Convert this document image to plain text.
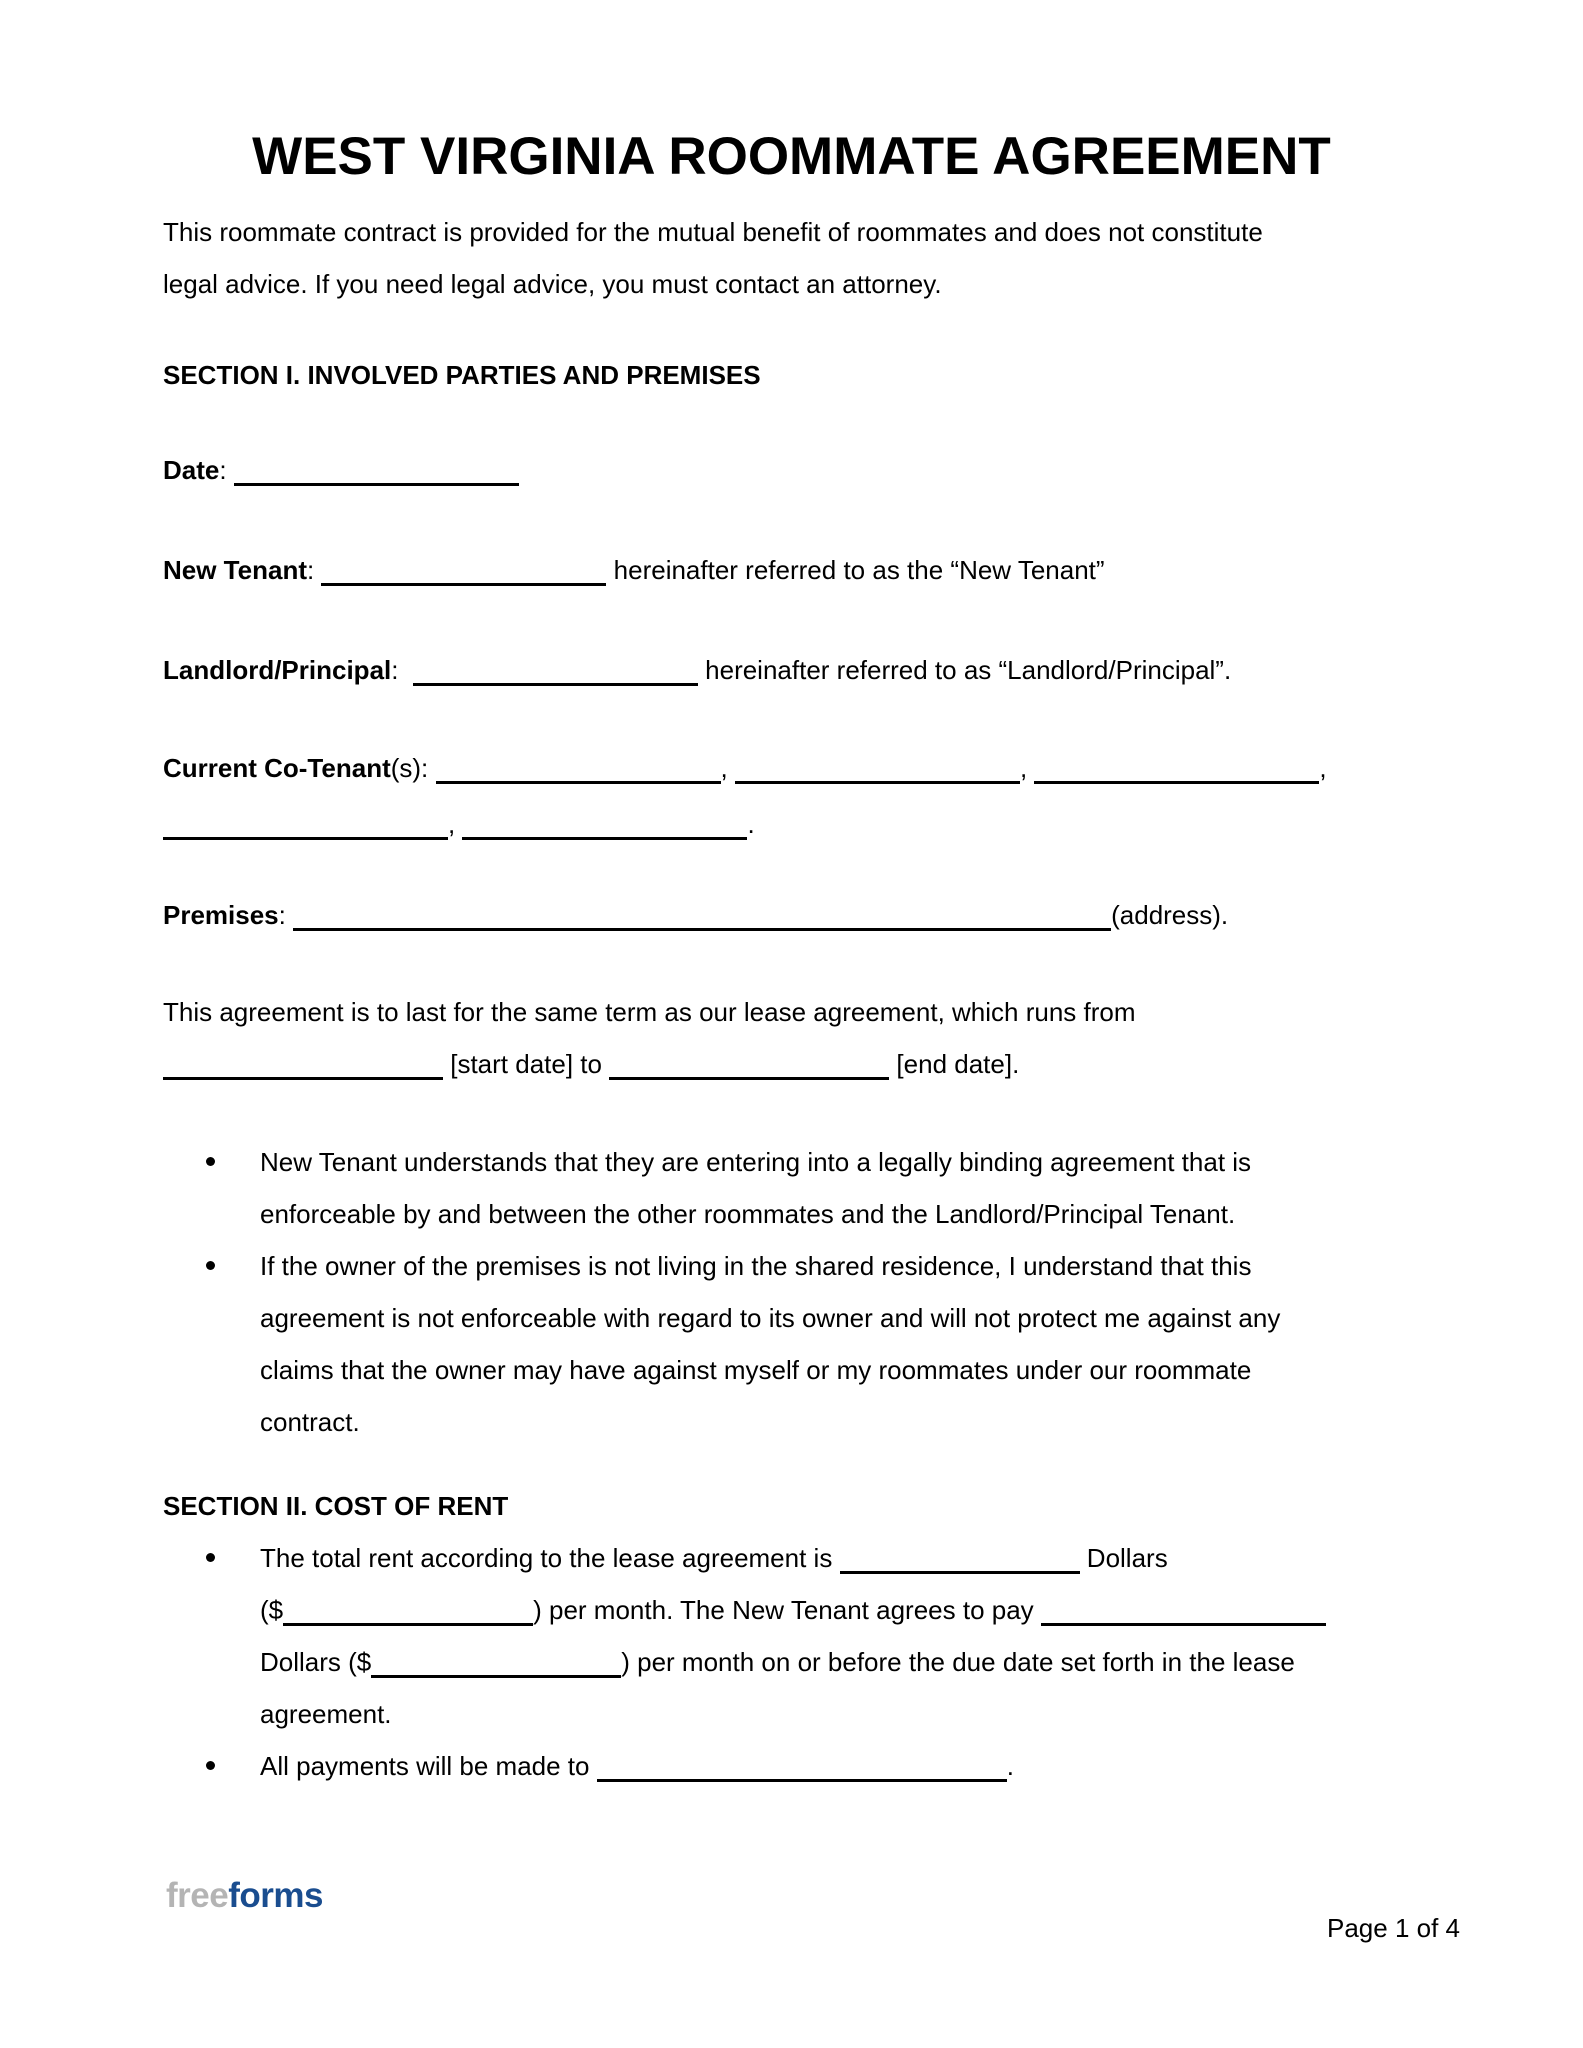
WEST VIRGINIA ROOMMATE AGREEMENT
This roommate contract is provided for the mutual benefit of roommates and does not constitute
legal advice. If you need legal advice, you must contact an attorney.
SECTION I. INVOLVED PARTIES AND PREMISES
Date:
New Tenant:	hereinafter referred to as the “New Tenant”
Landlord/Principal:	hereinafter referred to as “Landlord/Principal”.
Current Co-Tenant(s):	,	,	,
,	.
Premises:	(address).
This agreement is to last for the same term as our lease agreement, which runs from
[start date] to	[end date].
New Tenant understands that they are entering into a legally binding agreement that is
enforceable by and between the other roommates and the Landlord/Principal Tenant.
If the owner of the premises is not living in the shared residence, I understand that this
agreement is not enforceable with regard to its owner and will not protect me against any
claims that the owner may have against myself or my roommates under our roommate
contract.
SECTION II. COST OF RENT
The total rent according to the lease agreement is	Dollars
($	) per month. The New Tenant agrees to pay
Dollars ($	) per month on or before the due date set forth in the lease
agreement.
All payments will be made to	.
freeforms
Page 1 of 4
